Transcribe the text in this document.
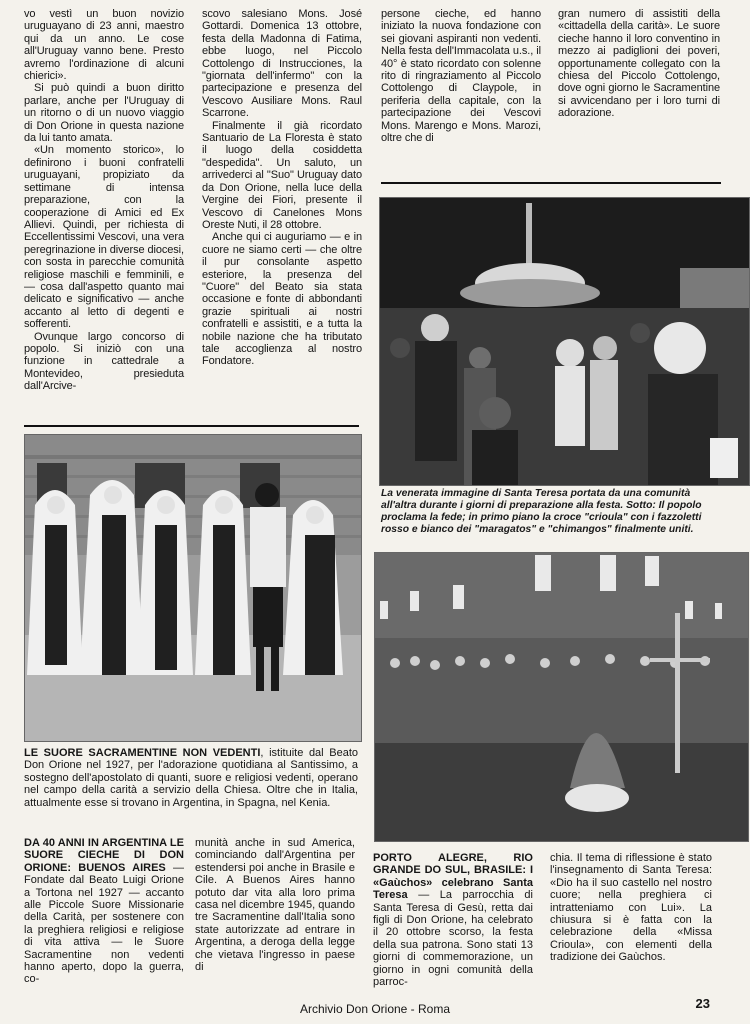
vo vestì un buon novizio uruguayano di 23 anni, maestro qui da un anno. Le cose all'Uruguay vanno bene. Presto avremo l'ordinazione di alcuni chierici».

Si può quindi a buon diritto parlare, anche per l'Uruguay di un ritorno o di un nuovo viaggio di Don Orione in questa nazione da lui tanto amata.

«Un momento storico», lo definirono i buoni confratelli uruguayani, propiziato da settimane di intensa preparazione, con la cooperazione di Amici ed Ex Allievi. Quindi, per richiesta di Eccellentissimi Vescovi, una vera peregrinazione in diverse diocesi, con sosta in parecchie comunità religiose maschili e femminili, e — cosa dall'aspetto quanto mai delicato e significativo — anche accanto al letto di degenti e sofferenti.

Ovunque largo concorso di popolo. Si iniziò con una funzione in cattedrale a Montevideo, presieduta dall'Arcive-

scovo salesiano Mons. José Gottardi. Domenica 13 ottobre, festa della Madonna di Fatima, ebbe luogo, nel Piccolo Cottolengo di Instrucciones, la "giornata dell'infermo" con la partecipazione e presenza del Vescovo Ausiliare Mons. Raul Scarrone.

Finalmente il già ricordato Santuario de La Floresta è stato il luogo della cosiddetta "despedida". Un saluto, un arrivederci al "Suo" Uruguay dato da Don Orione, nella luce della Vergine dei Fiori, presente il Vescovo di Canelones Mons Oreste Nuti, il 28 ottobre.

Anche qui ci auguriamo — e in cuore ne siamo certi — che oltre il pur consolante aspetto esteriore, la presenza del "Cuore" del Beato sia stata occasione e fonte di abbondanti grazie spirituali ai nostri confratelli e assistiti, e a tutta la nobile nazione che ha tributato tale accoglienza al nostro Fondatore.

persone cieche, ed hanno iniziato la nuova fondazione con sei giovani aspiranti non vedenti. Nella festa dell'Immacolata u.s., il 40° è stato ricordato con solenne rito di ringraziamento al Piccolo Cottolengo di Claypole, in periferia della capitale, con la partecipazione dei Vescovi Mons. Marengo e Mons. Marozi, oltre che di

gran numero di assistiti della «cittadella della carità». Le suore cieche hanno il loro conventino in mezzo ai padiglioni dei poveri, opportunamente collegato con la chiesa del Piccolo Cottolengo, dove ogni giorno le Sacramentine si avvicendano per i loro turni di adorazione.

La venerata immagine di Santa Teresa portata da una comunità all'altra durante i giorni di preparazione alla festa. Sotto: Il popolo proclama la fede; in primo piano la croce "crioula" con i fazzoletti rosso e bianco dei "maragatos" e "chimangos" finalmente uniti.
LE SUORE SACRAMENTINE NON VEDENTI, istituite dal Beato Don Orione nel 1927, per l'adorazione quotidiana al Santissimo, a sostegno dell'apostolato di quanti, suore e religiosi vedenti, operano nel campo della carità a servizio della Chiesa. Oltre che in Italia, attualmente esse si trovano in Argentina, in Spagna, nel Kenia.
DA 40 ANNI IN ARGENTINA LE SUORE CIECHE DI DON ORIONE: BUENOS AIRES — Fondate dal Beato Luigi Orione a Tortona nel 1927 — accanto alle Piccole Suore Missionarie della Carità, per sostenere con la preghiera religiosi e religiose di vita attiva — le Suore Sacramentine non vedenti hanno aperto, dopo la guerra, co-
munità anche in sud America, cominciando dall'Argentina per estendersi poi anche in Brasile e Cile. A Buenos Aires hanno potuto dar vita alla loro prima casa nel dicembre 1945, quando tre Sacramentine dall'Italia sono state autorizzate ad entrare in Argentina, a deroga della legge che vietava l'ingresso in paese di
PORTO ALEGRE, RIO GRANDE DO SUL, BRASILE: I «Gaùchos» celebrano Santa Teresa — La parrocchia di Santa Teresa di Gesù, retta dai figli di Don Orione, ha celebrato il 20 ottobre scorso, la festa della sua patrona. Sono stati 13 giorni di commemorazione, un giorno in ogni comunità della parroc-
chia. Il tema di riflessione è stato l'insegnamento di Santa Teresa: «Dio ha il suo castello nel nostro cuore; nella preghiera ci intratteniamo con Lui». La chiusura si è fatta con la celebrazione della «Missa Crioula», con elementi della tradizione dei Gaùchos.
Archivio Don Orione - Roma	23
